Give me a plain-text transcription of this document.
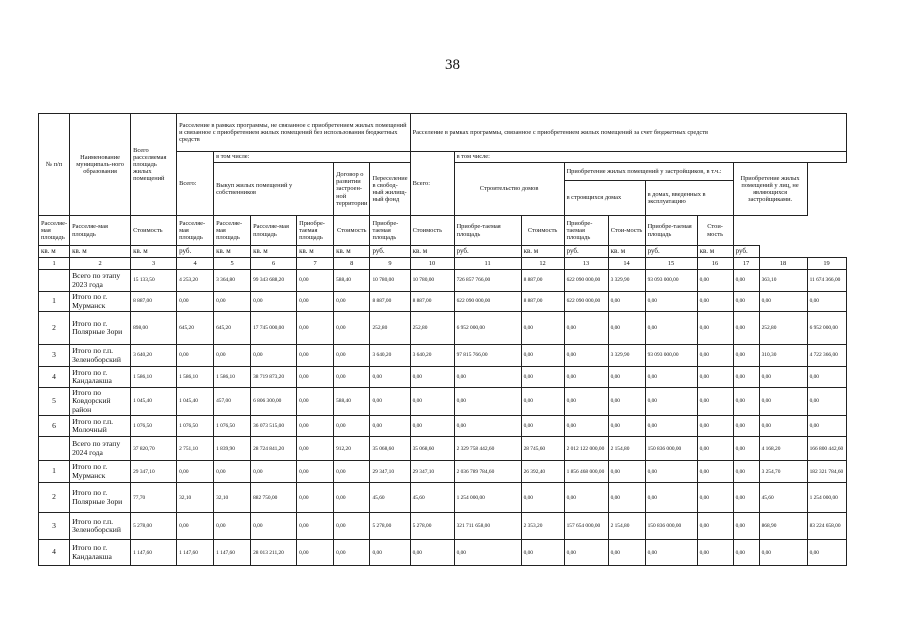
38
№ п/п	Наименование муниципаль-ного образования	Всего расселяемая площадь жилых помещений	Расселение в рамках программы, не связанное с приобретением жилых помещений и связанное с приобретением жилых помещений без использования бюджетных средств						Расселение в рамках программы, связанное с приобретением жилых помещений за счет бюджетных средств									
			Всего:	в том числе:					Всего:	в том числе:								
				Выкуп жилых помещений у собственников			Договор о развитии застроен-ной территории	Переселение в свобод-ный жилищ-ный фонд		Строительство домов		Приобретение жилых помещений у застройщиков, в т.ч.:				Приобретение жилых помещений у лиц, не являющихся застройщиками.		
												в строящихся домах		в домах, введенных в эксплуатацию				
Расселяе-мая площадь	Расселяе-мая площадь	Стоимость	Расселяе-мая площадь	Расселяе-мая площадь	Расселяе-мая площадь	Приобре-таемая площадь	Стоимость	Приобре-таемая площадь	Стоимость	Приобре-таемая площадь	Стоимость	Приобре-таемая площадь	Стои-мость	Приобре-таемая площадь	Стои-мость			
кв. м	кв. м	кв. м	руб.	кв. м	кв. м	кв. м	кв. м	руб.	кв. м	руб.	кв. м	руб.	кв. м	руб.	кв. м	руб.		
1	2	3	4	5	6	7	8	9	10	11	12	13	14	15	16	17	18	19
	Всего по этапу 2023 года	15 133,50	4 253,20	3 364,80	99 343 688,20	0,00	588,40	10 780,00	10 780,00	726 857 766,00	8 887,00	622 090 000,00	3 329,90	93 093 000,00	0,00	0,00	363,10	11 674 366,00
1	Итого по г. Мурманск	8 887,00	0,00	0,00	0,00	0,00	0,00	8 887,00	8 887,00	622 090 000,00	8 887,00	622 090 000,00	0,00	0,00	0,00	0,00	0,00	0,00
2	Итого по г. Полярные Зори	898,00	645,20	645,20	17 745 000,00	0,00	0,00	252,80	252,80	6 952 000,00	0,00	0,00	0,00	0,00	0,00	0,00	252,80	6 952 000,00
3	Итого по г.п. Зеленоборский	3 640,20	0,00	0,00	0,00	0,00	0,00	3 640,20	3 640,20	97 815 766,00	0,00	0,00	3 329,90	93 093 000,00	0,00	0,00	310,30	4 722 366,00
4	Итого по г. Кандалакша	1 586,10	1 586,10	1 586,10	38 719 873,20	0,00	0,00	0,00	0,00	0,00	0,00	0,00	0,00	0,00	0,00	0,00	0,00	0,00
5	Итого по Ковдорский район	1 045,40	1 045,40	457,00	6 806 300,00	0,00	588,40	0,00	0,00	0,00	0,00	0,00	0,00	0,00	0,00	0,00	0,00	0,00
6	Итого по г.п. Молочный	1 076,50	1 076,50	1 076,50	36 073 515,00	0,00	0,00	0,00	0,00	0,00	0,00	0,00	0,00	0,00	0,00	0,00	0,00	0,00
	Всего по этапу 2024 года	37 820,70	2 751,10	1 839,90	28 724 841,20	0,00	912,20	35 068,60	35 068,60	2 329 758 442,60	28 745,60	2 012 122 000,00	2 154,80	150 836 000,00	0,00	0,00	4 168,20	166 800 442,60
1	Итого по г. Мурманск	29 347,10	0,00	0,00	0,00	0,00	0,00	29 347,10	29 347,10	2 036 789 784,60	26 392,40	1 856 468 000,00	0,00	0,00	0,00	0,00	3 254,70	182 321 784,60
2	Итого по г. Полярные Зори	77,70	32,10	32,10	882 750,00	0,00	0,00	45,60	45,60	1 254 000,00	0,00	0,00	0,00	0,00	0,00	0,00	45,60	1 254 000,00
3	Итого по г.п. Зеленоборский	5 278,00	0,00	0,00	0,00	0,00	0,00	5 278,00	5 278,00	321 711 658,00	2 353,20	157 654 000,00	2 154,80	150 836 000,00	0,00	0,00	868,90	83 224 658,00
4	Итого по г. Кандалакша	1 147,60	1 147,60	1 147,60	28 013 211,20	0,00	0,00	0,00	0,00	0,00	0,00	0,00	0,00	0,00	0,00	0,00	0,00	0,00
